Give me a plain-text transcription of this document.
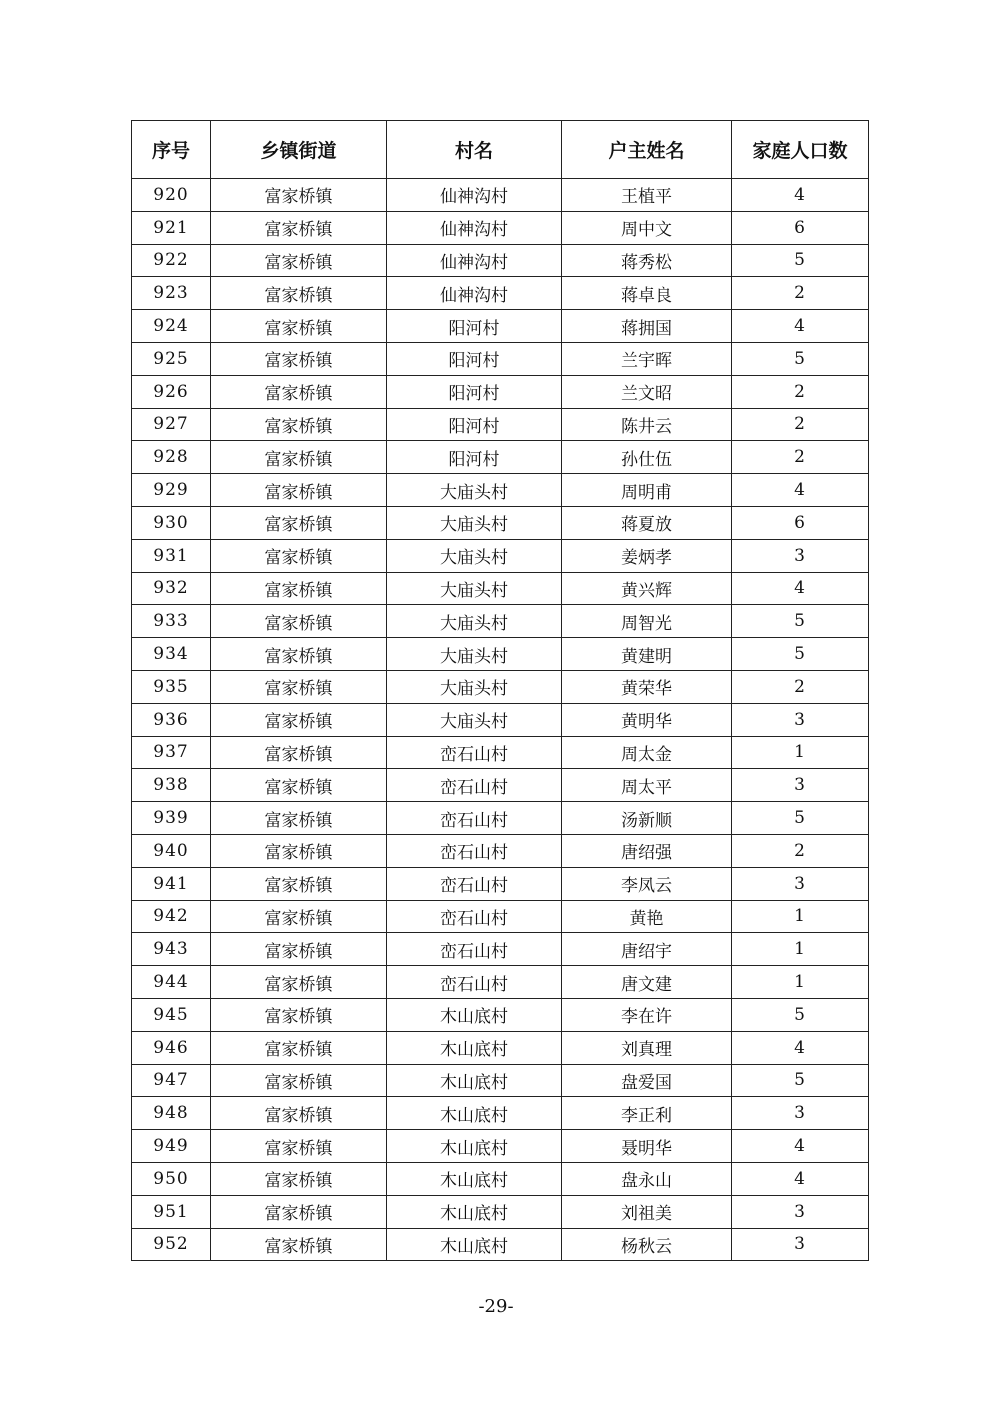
序号	乡镇街道	村名	户主姓名	家庭人口数
920	富家桥镇	仙神沟村	王植平	4
921	富家桥镇	仙神沟村	周中文	6
922	富家桥镇	仙神沟村	蒋秀松	5
923	富家桥镇	仙神沟村	蒋卓良	2
924	富家桥镇	阳河村	蒋拥国	4
925	富家桥镇	阳河村	兰宇晖	5
926	富家桥镇	阳河村	兰文昭	2
927	富家桥镇	阳河村	陈井云	2
928	富家桥镇	阳河村	孙仕伍	2
929	富家桥镇	大庙头村	周明甫	4
930	富家桥镇	大庙头村	蒋夏放	6
931	富家桥镇	大庙头村	姜炳孝	3
932	富家桥镇	大庙头村	黄兴辉	4
933	富家桥镇	大庙头村	周智光	5
934	富家桥镇	大庙头村	黄建明	5
935	富家桥镇	大庙头村	黄荣华	2
936	富家桥镇	大庙头村	黄明华	3
937	富家桥镇	峦石山村	周太金	1
938	富家桥镇	峦石山村	周太平	3
939	富家桥镇	峦石山村	汤新顺	5
940	富家桥镇	峦石山村	唐绍强	2
941	富家桥镇	峦石山村	李凤云	3
942	富家桥镇	峦石山村	黄艳	1
943	富家桥镇	峦石山村	唐绍宇	1
944	富家桥镇	峦石山村	唐文建	1
945	富家桥镇	木山底村	李在许	5
946	富家桥镇	木山底村	刘真理	4
947	富家桥镇	木山底村	盘爱国	5
948	富家桥镇	木山底村	李正利	3
949	富家桥镇	木山底村	聂明华	4
950	富家桥镇	木山底村	盘永山	4
951	富家桥镇	木山底村	刘祖美	3
952	富家桥镇	木山底村	杨秋云	3
-29-
